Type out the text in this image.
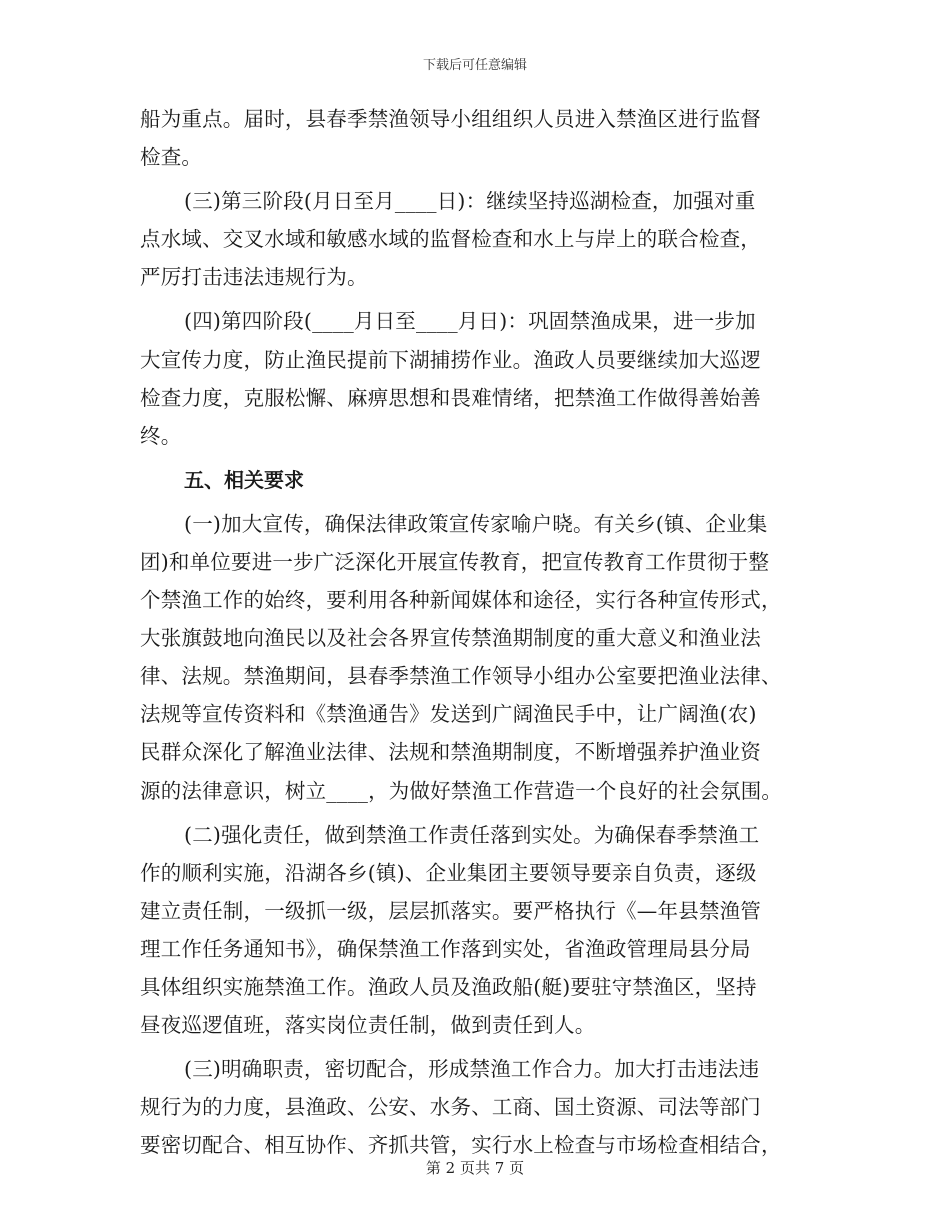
下载后可任意编辑

船为重点。届时，县春季禁渔领导小组组织人员进入禁渔区进行监督
检查。

(三)第三阶段(月日至月____日)：继续坚持巡湖检查，加强对重
点水域、交叉水域和敏感水域的监督检查和水上与岸上的联合检查，
严厉打击违法违规行为。

(四)第四阶段(____月日至____月日)：巩固禁渔成果，进一步加
大宣传力度，防止渔民提前下湖捕捞作业。渔政人员要继续加大巡逻
检查力度，克服松懈、麻痹思想和畏难情绪，把禁渔工作做得善始善
终。

五、相关要求

(一)加大宣传，确保法律政策宣传家喻户晓。有关乡(镇、企业集
团)和单位要进一步广泛深化开展宣传教育，把宣传教育工作贯彻于整
个禁渔工作的始终，要利用各种新闻媒体和途径，实行各种宣传形式，
大张旗鼓地向渔民以及社会各界宣传禁渔期制度的重大意义和渔业法
律、法规。禁渔期间，县春季禁渔工作领导小组办公室要把渔业法律、
法规等宣传资料和《禁渔通告》发送到广阔渔民手中，让广阔渔(农)
民群众深化了解渔业法律、法规和禁渔期制度，不断增强养护渔业资
源的法律意识，树立____，为做好禁渔工作营造一个良好的社会氛围。

(二)强化责任，做到禁渔工作责任落到实处。为确保春季禁渔工
作的顺利实施，沿湖各乡(镇)、企业集团主要领导要亲自负责，逐级
建立责任制，一级抓一级，层层抓落实。要严格执行《—年县禁渔管
理工作任务通知书》，确保禁渔工作落到实处，省渔政管理局县分局
具体组织实施禁渔工作。渔政人员及渔政船(艇)要驻守禁渔区，坚持
昼夜巡逻值班，落实岗位责任制，做到责任到人。

(三)明确职责，密切配合，形成禁渔工作合力。加大打击违法违
规行为的力度，县渔政、公安、水务、工商、国土资源、司法等部门
要密切配合、相互协作、齐抓共管，实行水上检查与市场检查相结合，

第 2 页共 7 页
